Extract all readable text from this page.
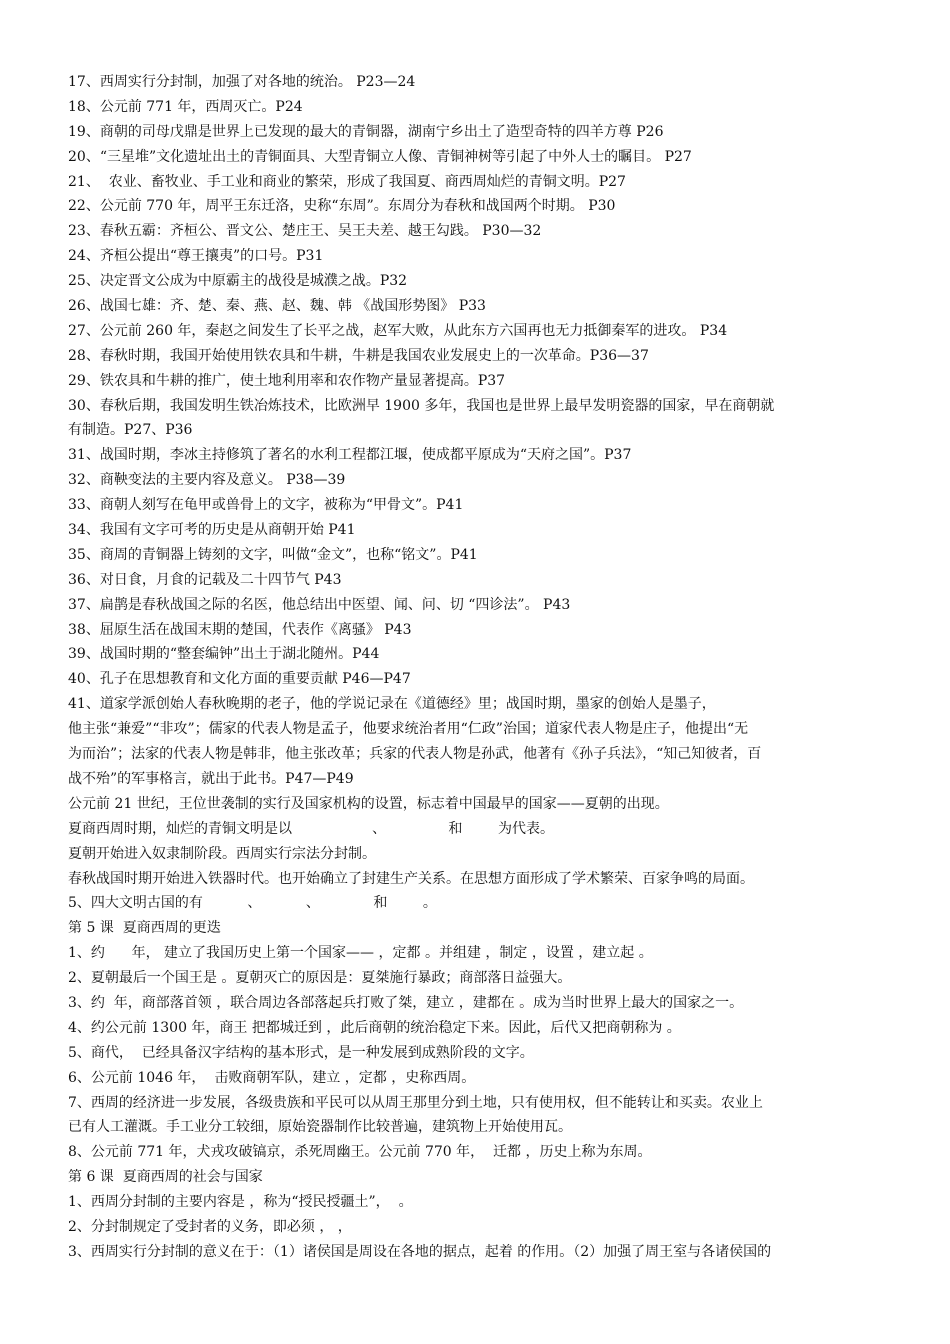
17、西周实行分封制，加强了对各地的统治。 P23—24
18、公元前 771 年，西周灭亡。P24
19、商朝的司母戊鼎是世界上已发现的最大的青铜器，湖南宁乡出土了造型奇特的四羊方尊 P26
20、“三星堆”文化遗址出土的青铜面具、大型青铜立人像、青铜神树等引起了中外人士的瞩目。 P27
21、  农业、畜牧业、手工业和商业的繁荣，形成了我国夏、商西周灿烂的青铜文明。P27
22、公元前 770 年，周平王东迁洛，史称“东周”。东周分为春秋和战国两个时期。 P30
23、春秋五霸：齐桓公、晋文公、楚庄王、吴王夫差、越王勾践。 P30—32
24、齐桓公提出“尊王攘夷”的口号。P31
25、决定晋文公成为中原霸主的战役是城濮之战。P32
26、战国七雄：齐、楚、秦、燕、赵、魏、韩 《战国形势图》 P33
27、公元前 260 年，秦赵之间发生了长平之战，赵军大败，从此东方六国再也无力抵御秦军的进攻。 P34
28、春秋时期，我国开始使用铁农具和牛耕，牛耕是我国农业发展史上的一次革命。P36—37
29、铁农具和牛耕的推广，使土地利用率和农作物产量显著提高。P37
30、春秋后期，我国发明生铁冶炼技术，比欧洲早 1900 多年，我国也是世界上最早发明瓷器的国家，早在商朝就
有制造。P27、P36
31、战国时期，李冰主持修筑了著名的水利工程都江堰，使成都平原成为“天府之国”。P37
32、商鞅变法的主要内容及意义。 P38—39
33、商朝人刻写在龟甲或兽骨上的文字，被称为“甲骨文”。P41
34、我国有文字可考的历史是从商朝开始 P41
35、商周的青铜器上铸刻的文字，叫做“金文”，也称“铭文”。P41
36、对日食，月食的记载及二十四节气 P43
37、扁鹊是春秋战国之际的名医，他总结出中医望、闻、问、切 “四诊法”。 P43
38、屈原生活在战国末期的楚国，代表作《离骚》 P43
39、战国时期的“整套编钟”出土于湖北随州。P44
40、孔子在思想教育和文化方面的重要贡献 P46—P47
41、道家学派创始人春秋晚期的老子，他的学说记录在《道德经》里；战国时期，墨家的创始人是墨子，
他主张“兼爱”“非攻”；儒家的代表人物是孟子，他要求统治者用“仁政”治国；道家代表人物是庄子，他提出“无
为而治”；法家的代表人物是韩非，他主张改革；兵家的代表人物是孙武，他著有《孙子兵法》，“知己知彼者，百
战不殆”的军事格言，就出于此书。P47—P49
公元前 21 世纪，王位世袭制的实行及国家机构的设置，标志着中国最早的国家——夏朝的出现。
夏商西周时期，灿烂的青铜文明是以                  、              和        为代表。
夏朝开始进入奴隶制阶段。西周实行宗法分封制。
春秋战国时期开始进入铁器时代。也开始确立了封建生产关系。在思想方面形成了学术繁荣、百家争鸣的局面。
5、四大文明古国的有          、          、            和        。
第 5 课  夏商西周的更迭
1、约      年， 建立了我国历史上第一个国家—— ，定都 。并组建 ，制定 ，设置 ，建立起 。
2、夏朝最后一个国王是 。夏朝灭亡的原因是：夏桀施行暴政；商部落日益强大。
3、约  年，商部落首领 ，联合周边各部落起兵打败了桀，建立 ，建都在 。成为当时世界上最大的国家之一。
4、约公元前 1300 年，商王 把都城迁到 ，此后商朝的统治稳定下来。因此，后代又把商朝称为 。
5、商代，  已经具备汉字结构的基本形式，是一种发展到成熟阶段的文字。
6、公元前 1046 年，  击败商朝军队，建立 ，定都 ，史称西周。
7、西周的经济进一步发展，各级贵族和平民可以从周王那里分到土地，只有使用权，但不能转让和买卖。农业上
已有人工灌溉。手工业分工较细，原始瓷器制作比较普遍，建筑物上开始使用瓦。
8、公元前 771 年，犬戎攻破镐京，杀死周幽王。公元前 770 年，  迁都 ，历史上称为东周。
第 6 课  夏商西周的社会与国家
1、西周分封制的主要内容是 ，称为“授民授疆土”，  。
2、分封制规定了受封者的义务，即必须 ， ，
3、西周实行分封制的意义在于：（1）诸侯国是周设在各地的据点，起着 的作用。（2）加强了周王室与各诸侯国的
